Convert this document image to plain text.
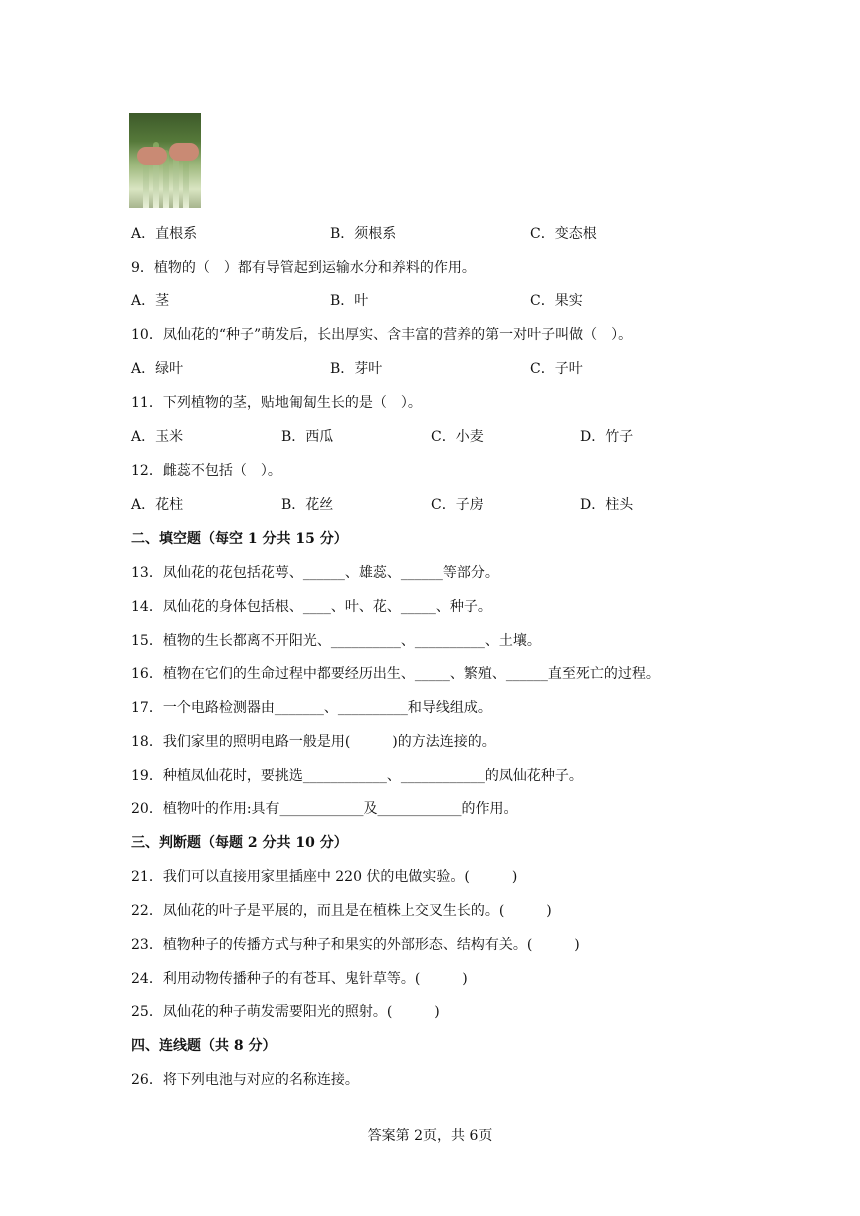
A．直根系	B．须根系	C．变态根
9．植物的（　）都有导管起到运输水分和养料的作用。
A．茎	B．叶	C．果实
10．凤仙花的“种子”萌发后，长出厚实、含丰富的营养的第一对叶子叫做（　）。
A．绿叶	B．芽叶	C．子叶
11．下列植物的茎，贴地匍匐生长的是（　）。
A．玉米	B．西瓜	C．小麦	D．竹子
12．雌蕊不包括（　）。
A．花柱	B．花丝	C．子房	D．柱头
二、填空题（每空 1 分共 15 分）
13．凤仙花的花包括花萼、______、雄蕊、______等部分。
14．凤仙花的身体包括根、____、叶、花、_____、种子。
15．植物的生长都离不开阳光、__________、__________、土壤。
16．植物在它们的生命过程中都要经历出生、_____、繁殖、______直至死亡的过程。
17．一个电路检测器由_______、__________和导线组成。
18．我们家里的照明电路一般是用(　　　)的方法连接的。
19．种植凤仙花时，要挑选____________、____________的凤仙花种子。
20．植物叶的作用:具有____________及____________的作用。
三、判断题（每题 2 分共 10 分）
21．我们可以直接用家里插座中 220 伏的电做实验。(　　　)
22．凤仙花的叶子是平展的，而且是在植株上交叉生长的。(　　　)
23．植物种子的传播方式与种子和果实的外部形态、结构有关。(　　　)
24．利用动物传播种子的有苍耳、鬼针草等。(　　　)
25．凤仙花的种子萌发需要阳光的照射。(　　　)
四、连线题（共 8 分）
26．将下列电池与对应的名称连接。
答案第 2页，共 6页
